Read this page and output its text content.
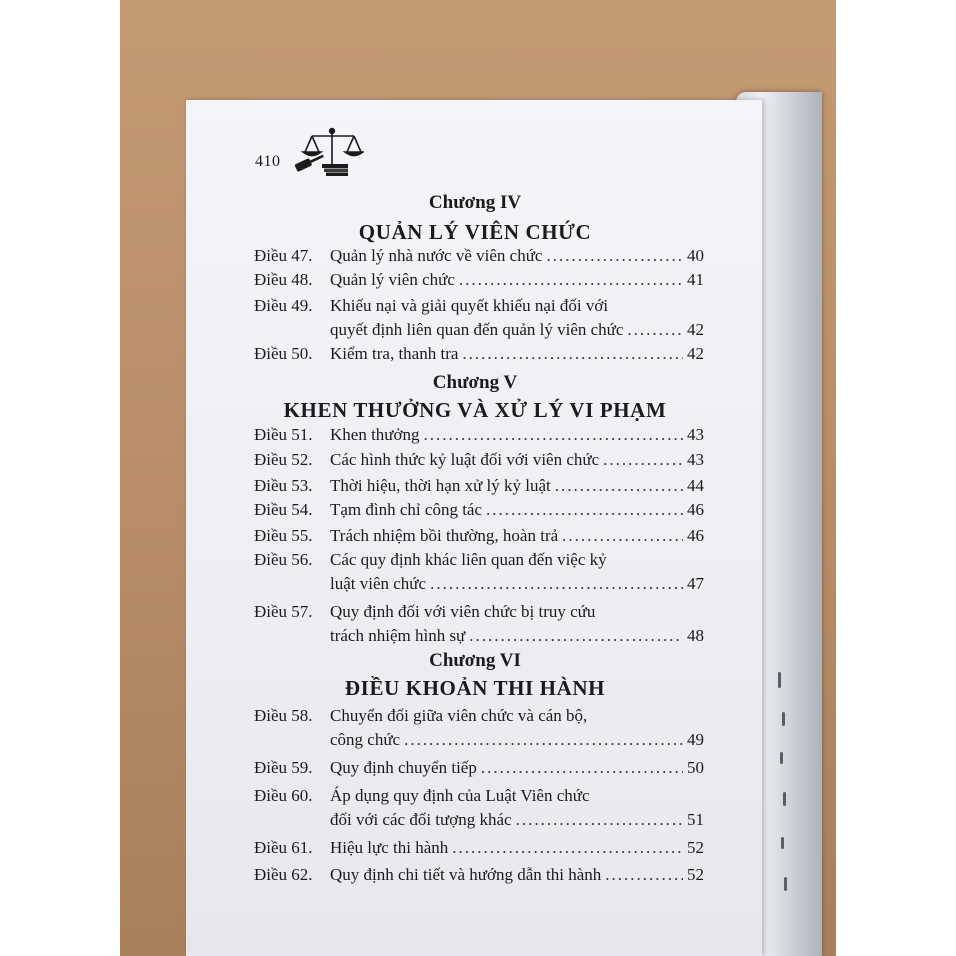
410
Chương IV
QUẢN LÝ VIÊN CHỨC
Điều 47. Quản lý nhà nước về viên chức .....	40
Điều 48. Quản lý viên chức .....	41
Điều 49. Khiếu nại và giải quyết khiếu nại đối với
quyết định liên quan đến quản lý viên chức .....	42
Điều 50. Kiểm tra, thanh tra .....	42
Chương V
KHEN THƯỞNG VÀ XỬ LÝ VI PHẠM
Điều 51. Khen thưởng .....	43
Điều 52. Các hình thức kỷ luật đối với viên chức .....	43
Điều 53. Thời hiệu, thời hạn xử lý kỷ luật .....	44
Điều 54. Tạm đình chỉ công tác .....	46
Điều 55. Trách nhiệm bồi thường, hoàn trả .....	46
Điều 56. Các quy định khác liên quan đến việc kỷ
luật viên chức .....	47
Điều 57. Quy định đối với viên chức bị truy cứu
trách nhiệm hình sự .....	48
Chương VI
ĐIỀU KHOẢN THI HÀNH
Điều 58. Chuyển đổi giữa viên chức và cán bộ,
công chức .....	49
Điều 59. Quy định chuyển tiếp .....	50
Điều 60. Áp dụng quy định của Luật Viên chức
đối với các đối tượng khác .....	51
Điều 61. Hiệu lực thi hành .....	52
Điều 62. Quy định chi tiết và hướng dẫn thi hành .....	52
